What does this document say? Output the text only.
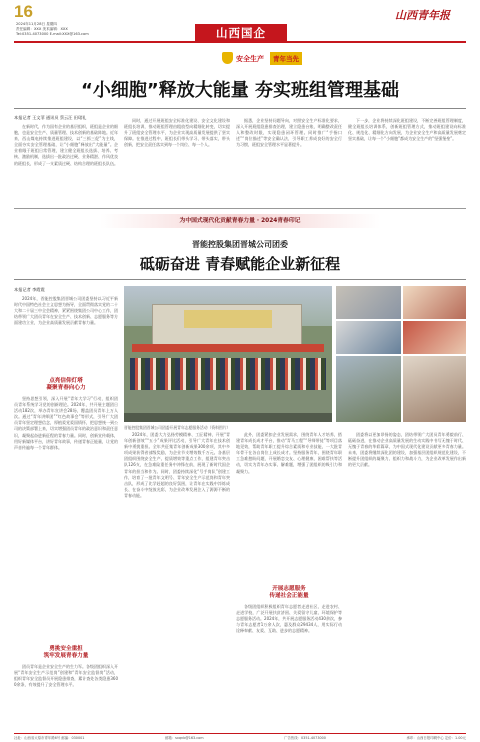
16
2024年11月28日 星期四
责任编辑：XXX 美术编辑：XXX
Tel:0351-4073000 E-mail:XXX@163.com	山西国企
山西青年报
安全生产	青年当先
“小细胞”释放大能量 夯实班组管理基础
本报记者 王文菲 通讯员 蔡云汪 田珺礼

在新时代，作为国有企业的基层组织，班组是企业的细胞，也是安全生产、质量管理、技术创新的基础阵地。近年来，西山煤电持续推进班组建设，以“三抓三促”为主线，全面夯实安全管理基础，让“小细胞”释放出“大能量”。企业着眼于班组日常管理，建立健全班组长选拔、培养、考核、激励机制，选拔出一批政治过硬、业务精湛、作风优良的班组长，形成了一支素质过硬、结构合理的班组长队伍。

同时，通过开展班组安全标准化建设、安全文化建设和班组长培训，推动班组管理由粗放型向精细化转变，切实提升了班组安全管理水平，为企业实现高质量发展提供了坚实保障。在推进过程中，班组长们带头学习、带头落实，带头创新，把安全责任落实到每一个岗位、每一个人。

据悉，企业坚持问题导向，对照安全生产标准化要求，深入开展班组隐患排查治理，建立隐患台账，明确整改责任人和整改时限，实现隐患闭环管理。同时推广“手指口述”“岗位描述”等安全确认法，引导职工养成良好的安全行为习惯，班组安全管理水平显著提升。

下一步，企业将持续深化班组建设，不断完善班组管理制度，健全班组长培训体系，创新班组管理方式，推动班组建设向标准化、规范化、精细化方向发展，为企业安全生产和高质量发展奠定坚实基础，让每一个“小细胞”都成为安全生产的“坚强堡垒”。

为中国式现代化贡献青春力量 · 2024青春印记
晋能控股集团晋城公司团委
砥砺奋进 青春赋能企业新征程
本报记者 李霞霞

2024年，晋能控股集团晋城公司团委坚持以习近平新时代中国特色社会主义思想为指导，全面贯彻落实党的二十大和二十届三中全会精神，紧紧围绕集团公司中心工作，团结带领广大团员青年在安全生产、技术创新、志愿服务等方面建功立业，为企业高质量发展贡献青春力量。

点亮信仰灯塔
凝聚青春向心力

坚持思想引领，深入开展“青年大学习”行动，组织团员青年系统学习党的创新理论。2024年，共开展主题团日活动182次，举办青年宣讲会28场，覆盖团员青年上万人次。通过“青年讲师团”“红色故事会”等形式，引导广大团员青年坚定理想信念，厚植爱党爱国情怀，把思想统一到公司的决策部署上来，切实增强团员青年的政治意识和责任意识，凝聚起奋进新征程的青春力量。同时，创新宣传载体，用好新媒体平台，讲好青年故事，传递青春正能量，让党的声音传遍每一个青年群体。

勇挑安全重担
筑牢发展青春力量

团员青年是企业安全生产的生力军。各级团组织深入开展“青年安全生产示范岗”创建和“青年安全监督岗”活动，组织青年安全监督员开展隐患排查，累计查处各类隐患3600余条，有效提升了安全管理水平。

晋能控股集团晋城公司团委开展青年志愿服务活动（资料图片）

2024年，团委大力弘扬劳模精神、工匠精神，开展“青年创新创效”“五小”成果评比活动，引导广大青年在技术创新中勇挑重担。全年共征集青年创新成果300余项，其中多项成果获得省部级奖励，为企业节支增效数千万元。各基层团组织围绕安全生产、提质增效等重点工作，组建青年突击队126支，在急难险重任务中冲锋在前，展现了新时代国企青年的担当和作为。同时，团委持续深化“号手岗队”创建工作，培育了一批青年文明号、青年安全生产示范岗和青年突击队，形成了比学赶超的良好氛围，让青年在实践中淬炼成长、在奋斗中绽放光彩，为企业改革发展注入了源源不断的青春动能。

此外，团委紧扣企业发展需求，围绕青年人才培养，搭建青年成长成才平台，推动“青马工程”“导师带徒”等项目落地见效，帮助青年职工提升综合素质和专业技能，一大批青年骨干在各自岗位上成长成才。坚持服务青年，围绕青年职工急难愁盼问题，开展婚恋交友、心理健康、困难帮扶等活动，切实为青年办实事、解难题，增强了团组织的吸引力和凝聚力。

开展志愿服务
传递社会正能量

各级团组织积极组织青年志愿者走进社区、走进农村、走进学校，广泛开展扶贫济困、关爱留守儿童、环境保护等志愿服务活动。2024年，共开展志愿服务活动430余次，参与青年志愿者1万余人次，惠及群众29434人，用实际行动诠释奉献、友爱、互助、进步的志愿精神。

团委将以更加昂扬的姿态，团结带领广大团员青年勇毅前行、砥砺奋进，在推动企业高质量发展的生动实践中书写无愧于时代、无愧于青春的华彩篇章，为中国式现代化建设贡献更多青春力量。未来，团委将继续深化团的建设，加强基层团组织规范化建设，不断提升团组织的凝聚力、组织力和战斗力，为企业改革发展作出新的更大贡献。

社址：山西省太原市青年路6号 邮编：030001	邮箱：sxqnb@163.com	广告热线：0351-4073000	承印：山西日报印刷中心 定价：1.00元
